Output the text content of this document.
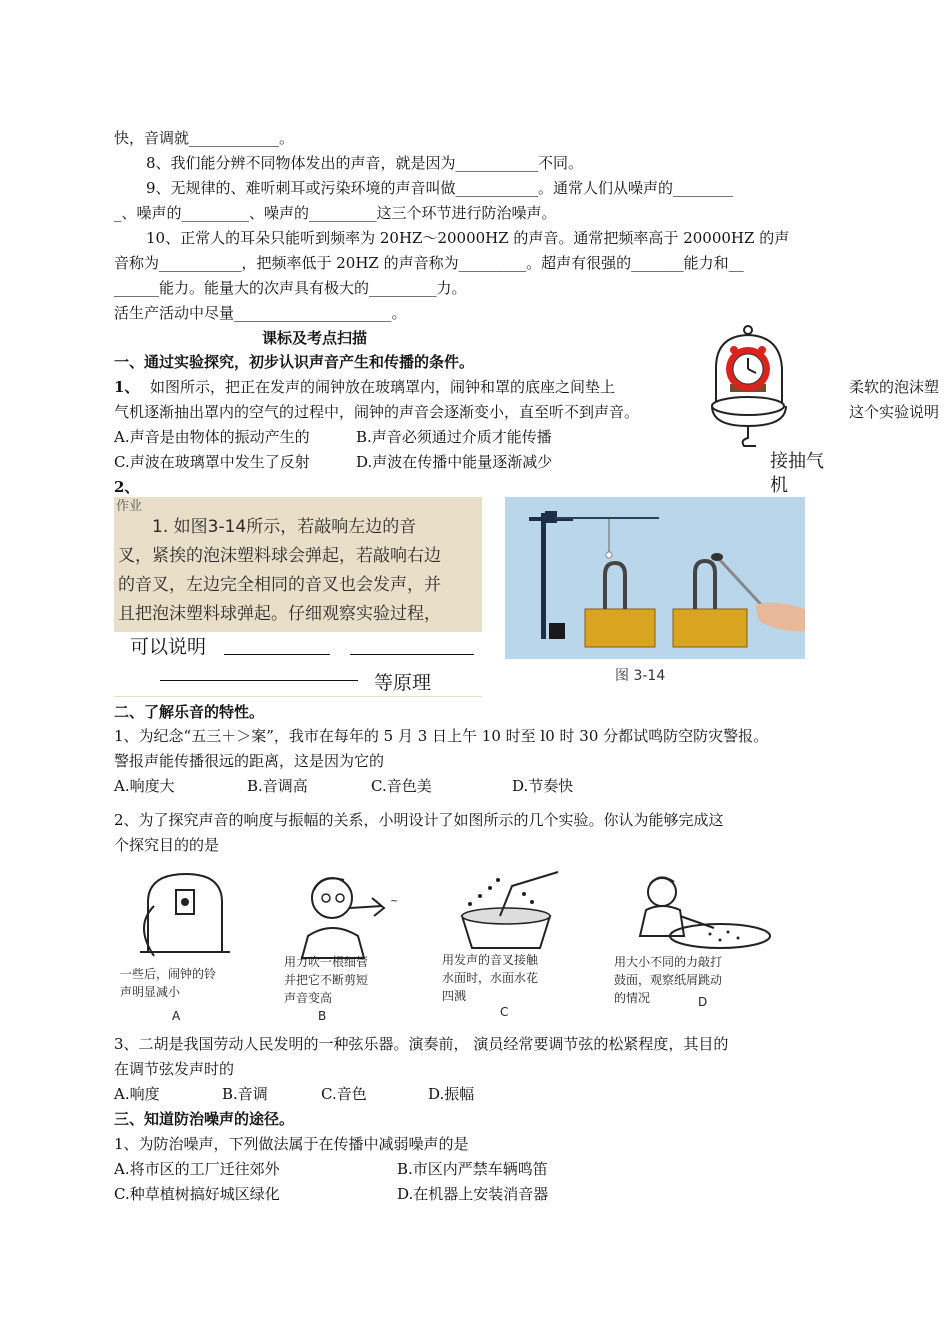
快，音调就____________。
8、我们能分辨不同物体发出的声音，就是因为___________不同。
9、无规律的、难听刺耳或污染环境的声音叫做___________。通常人们从噪声的________
_、噪声的_________、噪声的_________这三个环节进行防治噪声。
10、正常人的耳朵只能听到频率为 20HZ～20000HZ 的声音。通常把频率高于 20000HZ 的声
音称为___________，把频率低于 20HZ 的声音称为_________。超声有很强的_______能力和__
______能力。能量大的次声具有极大的_________力。
活生产活动中尽量_____________________。
课标及考点扫描
一、通过实验探究，初步认识声音产生和传播的条件。
1、 如图所示，把正在发声的闹钟放在玻璃罩内，闹钟和罩的底座之间垫上	柔软的泡沫塑
气机逐渐抽出罩内的空气的过程中，闹钟的声音会逐渐变小，直至听不到声音。	这个实验说明
A.声音是由物体的振动产生的	B.声音必须通过介质才能传播
C.声波在玻璃罩中发生了反射	D.声波在传播中能量逐渐减少	接抽气机
2、
作业
1. 如图3-14所示，若敲响左边的音
叉，紧挨的泡沫塑料球会弹起，若敲响右边
的音叉，左边完全相同的音叉也会发声，并
且把泡沫塑料球弹起。仔细观察实验过程，
可以说明
等原理	图 3-14
二、了解乐音的特性。
1、为纪念“五三＋＞案”，我市在每年的 5 月 3 日上午 10 时至 l0 时 30 分都试鸣防空防灾警报。
警报声能传播很远的距离，这是因为它的
A.响度大	B.音调高	C.音色美	D.节奏快
2、为了探究声音的响度与振幅的关系，小明设计了如图所示的几个实验。你认为能够完成这
个探究目的的是
一些后，闹钟的铃
声明显减小
A
~
用力吹一根细管
并把它不断剪短
声音变高
B
用发声的音叉接触
水面时，水面水花
四溅
C
用大小不同的力敲打
鼓面，观察纸屑跳动
的情况	D
3、二胡是我国劳动人民发明的一种弦乐器。演奏前， 演员经常要调节弦的松紧程度，其目的
在调节弦发声时的
A.响度	B.音调	C.音色	D.振幅
三、知道防治噪声的途径。
1、为防治噪声，下列做法属于在传播中减弱噪声的是
A.将市区的工厂迁往郊外	B.市区内严禁车辆鸣笛
C.种草植树搞好城区绿化	D.在机器上安装消音器
